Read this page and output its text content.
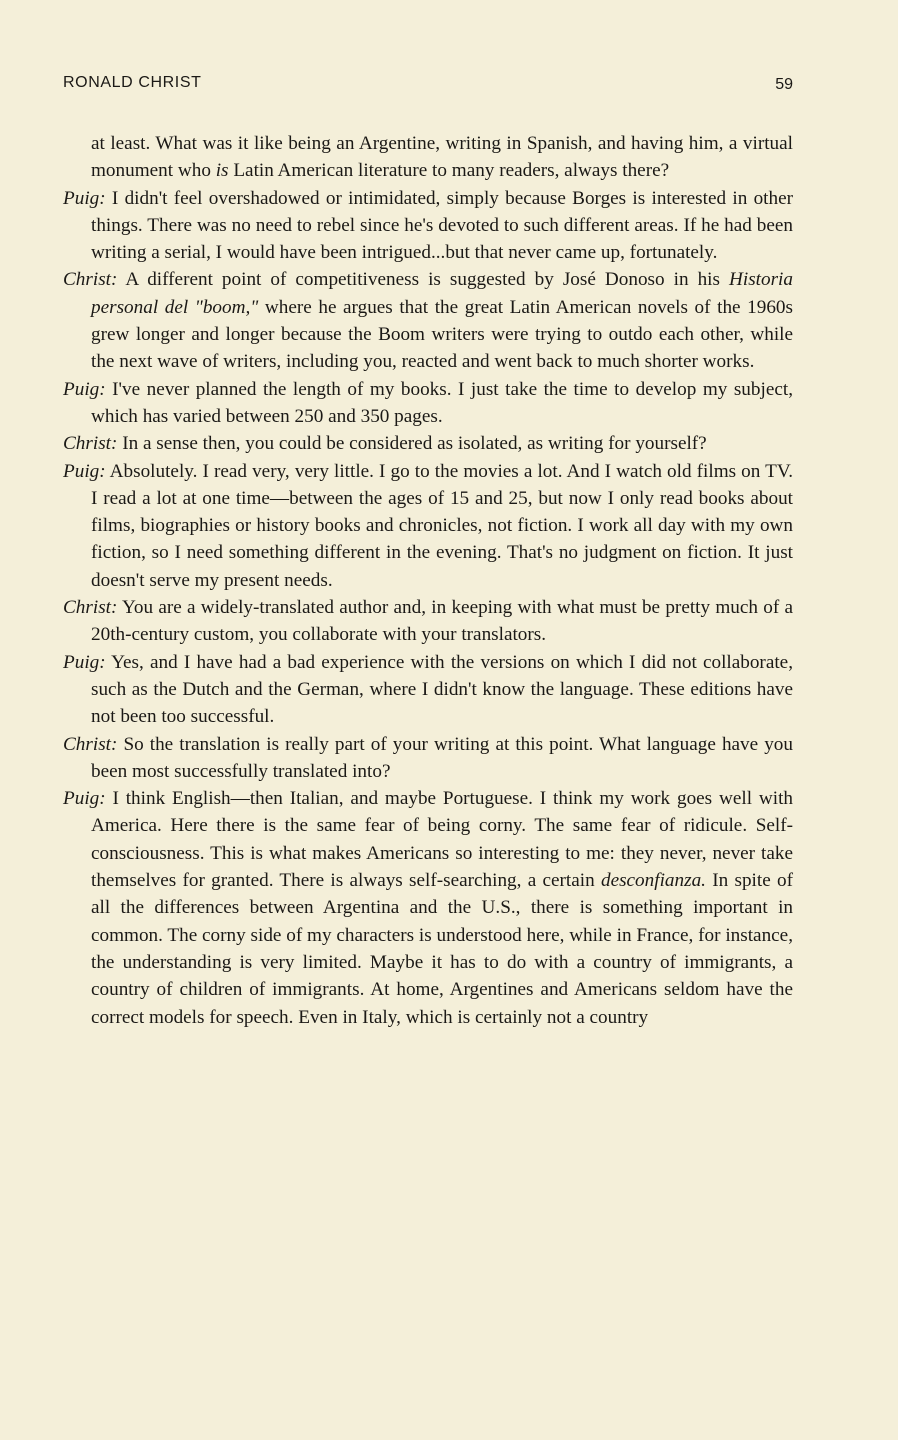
RONALD CHRIST	59

at least. What was it like being an Argentine, writing in Spanish, and having him, a virtual monument who is Latin American literature to many readers, always there?

Puig: I didn't feel overshadowed or intimidated, simply because Borges is interested in other things. There was no need to rebel since he's devoted to such different areas. If he had been writing a serial, I would have been intrigued...but that never came up, fortunately.

Christ: A different point of competitiveness is suggested by José Donoso in his Historia personal del "boom," where he argues that the great Latin American novels of the 1960s grew longer and longer because the Boom writers were trying to outdo each other, while the next wave of writers, including you, reacted and went back to much shorter works.

Puig: I've never planned the length of my books. I just take the time to develop my subject, which has varied between 250 and 350 pages.

Christ: In a sense then, you could be considered as isolated, as writing for yourself?

Puig: Absolutely. I read very, very little. I go to the movies a lot. And I watch old films on TV. I read a lot at one time—between the ages of 15 and 25, but now I only read books about films, biographies or history books and chronicles, not fiction. I work all day with my own fiction, so I need something different in the evening. That's no judgment on fiction. It just doesn't serve my present needs.

Christ: You are a widely-translated author and, in keeping with what must be pretty much of a 20th-century custom, you collaborate with your translators.

Puig: Yes, and I have had a bad experience with the versions on which I did not collaborate, such as the Dutch and the German, where I didn't know the language. These editions have not been too successful.

Christ: So the translation is really part of your writing at this point. What language have you been most successfully translated into?

Puig: I think English—then Italian, and maybe Portuguese. I think my work goes well with America. Here there is the same fear of being corny. The same fear of ridicule. Self-consciousness. This is what makes Americans so interesting to me: they never, never take themselves for granted. There is always self-searching, a certain desconfianza. In spite of all the differences between Argentina and the U.S., there is something important in common. The corny side of my characters is understood here, while in France, for instance, the understanding is very limited. Maybe it has to do with a country of immigrants, a country of children of immigrants. At home, Argentines and Americans seldom have the correct models for speech. Even in Italy, which is certainly not a country
